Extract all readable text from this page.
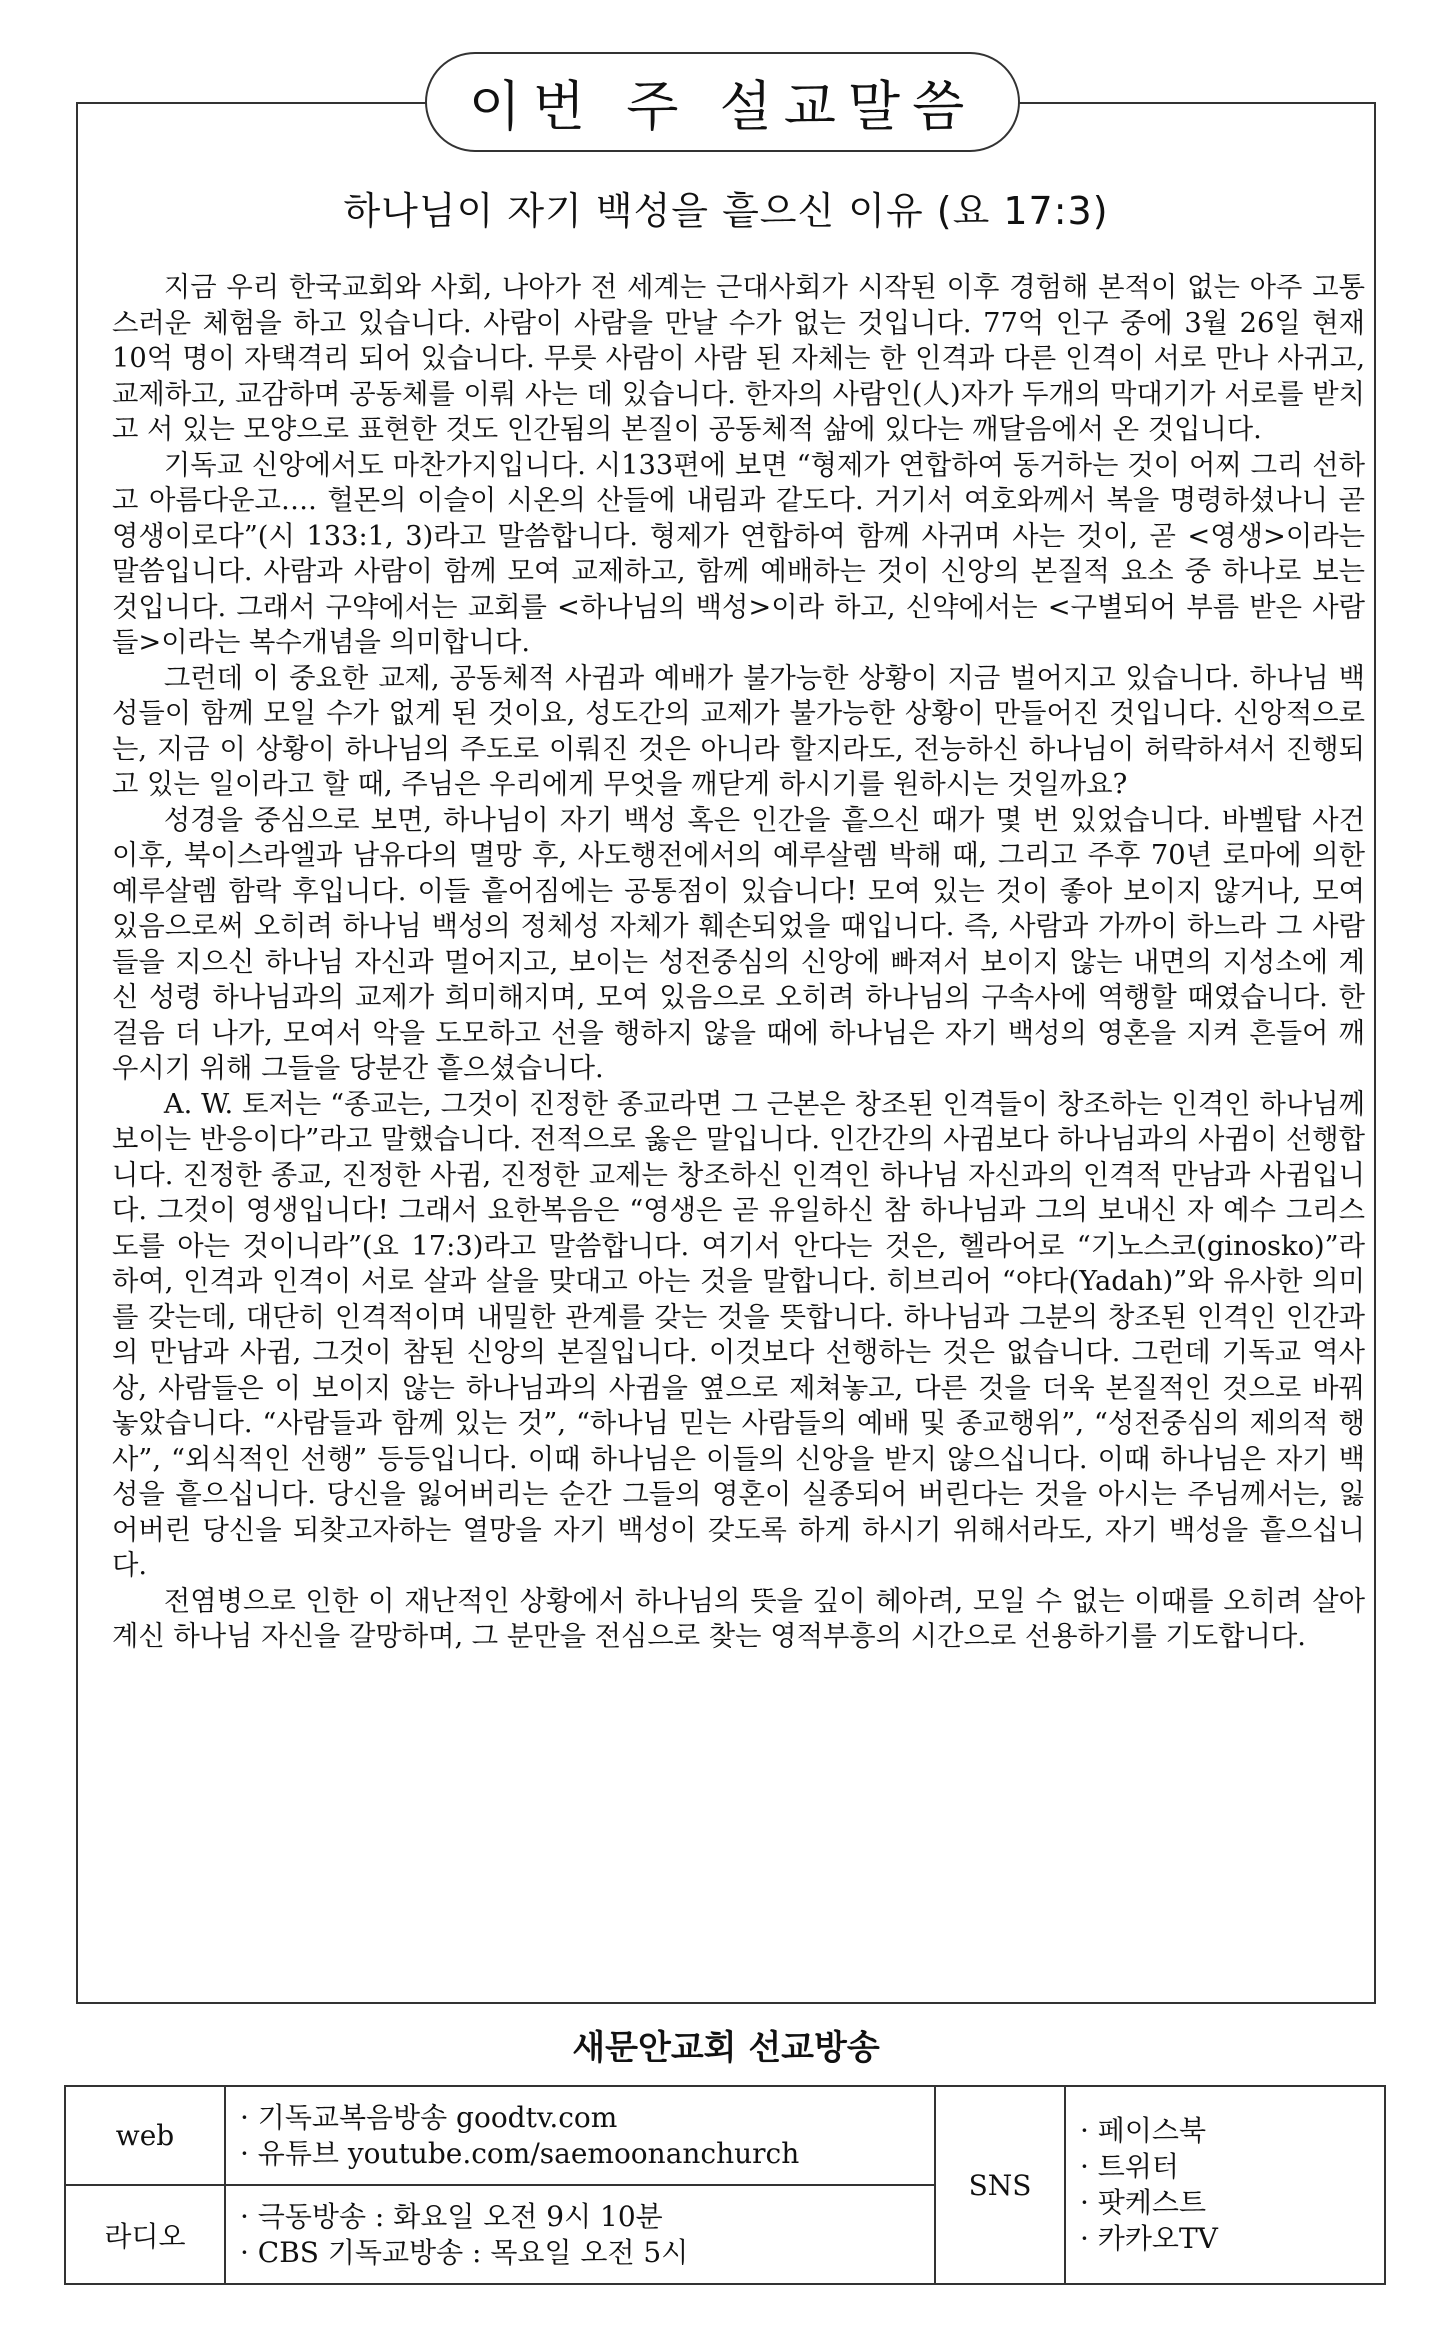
이번 주 설교말씀
하나님이 자기 백성을 흩으신 이유 (요 17:3)

지금 우리 한국교회와 사회, 나아가 전 세계는 근대사회가 시작된 이후 경험해 본적이 없는 아주 고통스러운 체험을 하고 있습니다. 사람이 사람을 만날 수가 없는 것입니다. 77억 인구 중에 3월 26일 현재 10억 명이 자택격리 되어 있습니다. 무릇 사람이 사람 된 자체는 한 인격과 다른 인격이 서로 만나 사귀고, 교제하고, 교감하며 공동체를 이뤄 사는 데 있습니다. 한자의 사람인(人)자가 두개의 막대기가 서로를 받치고 서 있는 모양으로 표현한 것도 인간됨의 본질이 공동체적 삶에 있다는 깨달음에서 온 것입니다.

기독교 신앙에서도 마찬가지입니다. 시133편에 보면 “형제가 연합하여 동거하는 것이 어찌 그리 선하고 아름다운고…. 헐몬의 이슬이 시온의 산들에 내림과 같도다. 거기서 여호와께서 복을 명령하셨나니 곧 영생이로다”(시 133:1, 3)라고 말씀합니다. 형제가 연합하여 함께 사귀며 사는 것이, 곧 <영생>이라는 말씀입니다. 사람과 사람이 함께 모여 교제하고, 함께 예배하는 것이 신앙의 본질적 요소 중 하나로 보는 것입니다. 그래서 구약에서는 교회를 <하나님의 백성>이라 하고, 신약에서는 <구별되어 부름 받은 사람들>이라는 복수개념을 의미합니다.

그런데 이 중요한 교제, 공동체적 사귐과 예배가 불가능한 상황이 지금 벌어지고 있습니다. 하나님 백성들이 함께 모일 수가 없게 된 것이요, 성도간의 교제가 불가능한 상황이 만들어진 것입니다. 신앙적으로는, 지금 이 상황이 하나님의 주도로 이뤄진 것은 아니라 할지라도, 전능하신 하나님이 허락하셔서 진행되고 있는 일이라고 할 때, 주님은 우리에게 무엇을 깨닫게 하시기를 원하시는 것일까요?

성경을 중심으로 보면, 하나님이 자기 백성 혹은 인간을 흩으신 때가 몇 번 있었습니다. 바벨탑 사건 이후, 북이스라엘과 남유다의 멸망 후, 사도행전에서의 예루살렘 박해 때, 그리고 주후 70년 로마에 의한 예루살렘 함락 후입니다. 이들 흩어짐에는 공통점이 있습니다! 모여 있는 것이 좋아 보이지 않거나, 모여 있음으로써 오히려 하나님 백성의 정체성 자체가 훼손되었을 때입니다. 즉, 사람과 가까이 하느라 그 사람들을 지으신 하나님 자신과 멀어지고, 보이는 성전중심의 신앙에 빠져서 보이지 않는 내면의 지성소에 계신 성령 하나님과의 교제가 희미해지며, 모여 있음으로 오히려 하나님의 구속사에 역행할 때였습니다. 한 걸음 더 나가, 모여서 악을 도모하고 선을 행하지 않을 때에 하나님은 자기 백성의 영혼을 지켜 흔들어 깨우시기 위해 그들을 당분간 흩으셨습니다.

A. W. 토저는 “종교는, 그것이 진정한 종교라면 그 근본은 창조된 인격들이 창조하는 인격인 하나님께 보이는 반응이다”라고 말했습니다. 전적으로 옳은 말입니다. 인간간의 사귐보다 하나님과의 사귐이 선행합니다. 진정한 종교, 진정한 사귐, 진정한 교제는 창조하신 인격인 하나님 자신과의 인격적 만남과 사귐입니다. 그것이 영생입니다! 그래서 요한복음은 “영생은 곧 유일하신 참 하나님과 그의 보내신 자 예수 그리스도를 아는 것이니라”(요 17:3)라고 말씀합니다. 여기서 안다는 것은, 헬라어로 “기노스코(ginosko)”라 하여, 인격과 인격이 서로 살과 살을 맞대고 아는 것을 말합니다. 히브리어 “야다(Yadah)”와 유사한 의미를 갖는데, 대단히 인격적이며 내밀한 관계를 갖는 것을 뜻합니다. 하나님과 그분의 창조된 인격인 인간과의 만남과 사귐, 그것이 참된 신앙의 본질입니다. 이것보다 선행하는 것은 없습니다. 그런데 기독교 역사상, 사람들은 이 보이지 않는 하나님과의 사귐을 옆으로 제쳐놓고, 다른 것을 더욱 본질적인 것으로 바꿔 놓았습니다. “사람들과 함께 있는 것”, “하나님 믿는 사람들의 예배 및 종교행위”, “성전중심의 제의적 행사”, “외식적인 선행” 등등입니다. 이때 하나님은 이들의 신앙을 받지 않으십니다. 이때 하나님은 자기 백성을 흩으십니다. 당신을 잃어버리는 순간 그들의 영혼이 실종되어 버린다는 것을 아시는 주님께서는, 잃어버린 당신을 되찾고자하는 열망을 자기 백성이 갖도록 하게 하시기 위해서라도, 자기 백성을 흩으십니다.

전염병으로 인한 이 재난적인 상황에서 하나님의 뜻을 깊이 헤아려, 모일 수 없는 이때를 오히려 살아계신 하나님 자신을 갈망하며, 그 분만을 전심으로 찾는 영적부흥의 시간으로 선용하기를 기도합니다.

새문안교회 선교방송
web	· 기독교복음방송 goodtv.com
· 유튜브 youtube.com/saemoonanchurch	SNS	· 페이스북
· 트위터
· 팟케스트
· 카카오TV

라디오	· 극동방송 : 화요일 오전 9시 10분
· CBS 기독교방송 : 목요일 오전 5시		
